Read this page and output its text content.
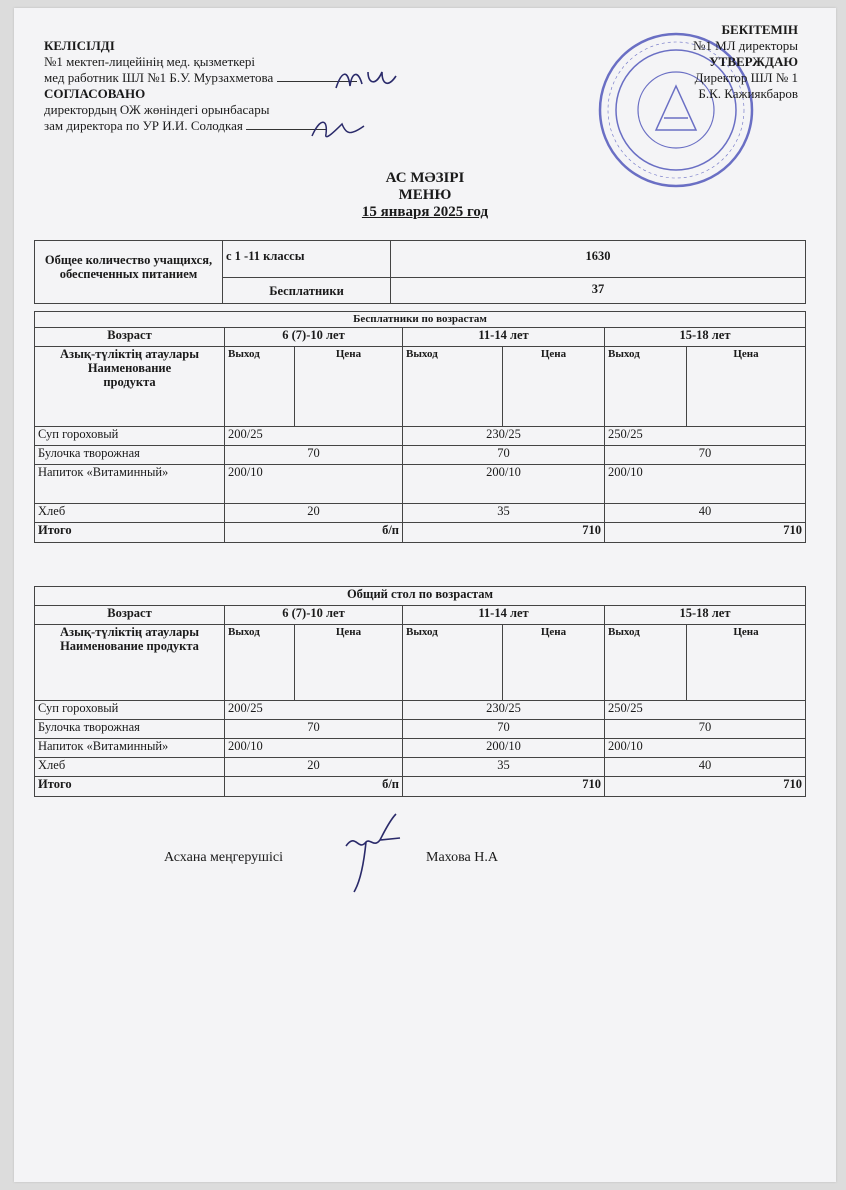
КЕЛІСІЛДІ
№1 мектеп-лицейінің мед. қызметкері
мед работник ШЛ №1 Б.У. Мурзахметова
СОГЛАСОВАНО
директордың ОЖ жөніндегі орынбасары
зам директора по УР И.И. Солодкая
БЕКІТЕМІН
№1 МЛ директоры
УТВЕРЖДАЮ
Директор ШЛ № 1
Б.К. Кажиякбаров
АС МӘЗІРІ
МЕНЮ
15 января 2025 год
Общее количество учащихся, обеспеченных питанием	с 1 -11 классы	1630
	Бесплатники	37
Бесплатники по возрастам						
Возраст	6 (7)-10 лет		11-14 лет		15-18 лет	

Азық-түліктің атаулары
Наименование
продукта	Выход	Цена	Выход	Цена	Выход	Цена
Суп гороховый	200/25		230/25		250/25	
Булочка творожная	70		70		70	
Напиток «Витаминный»	200/10		200/10		200/10	
Хлеб	20		35		40	
Итого	б/п		710		710	
Общий стол по возрастам						
Возраст	6 (7)-10 лет		11-14 лет		15-18 лет	

Азық-түліктің атаулары
Наименование продукта	Выход	Цена	Выход	Цена	Выход	Цена
Суп гороховый	200/25		230/25		250/25	
Булочка творожная	70		70		70	
Напиток «Витаминный»	200/10		200/10		200/10	
Хлеб	20		35		40	
Итого	б/п		710		710	
Асхана меңгерушісі	Махова Н.А
